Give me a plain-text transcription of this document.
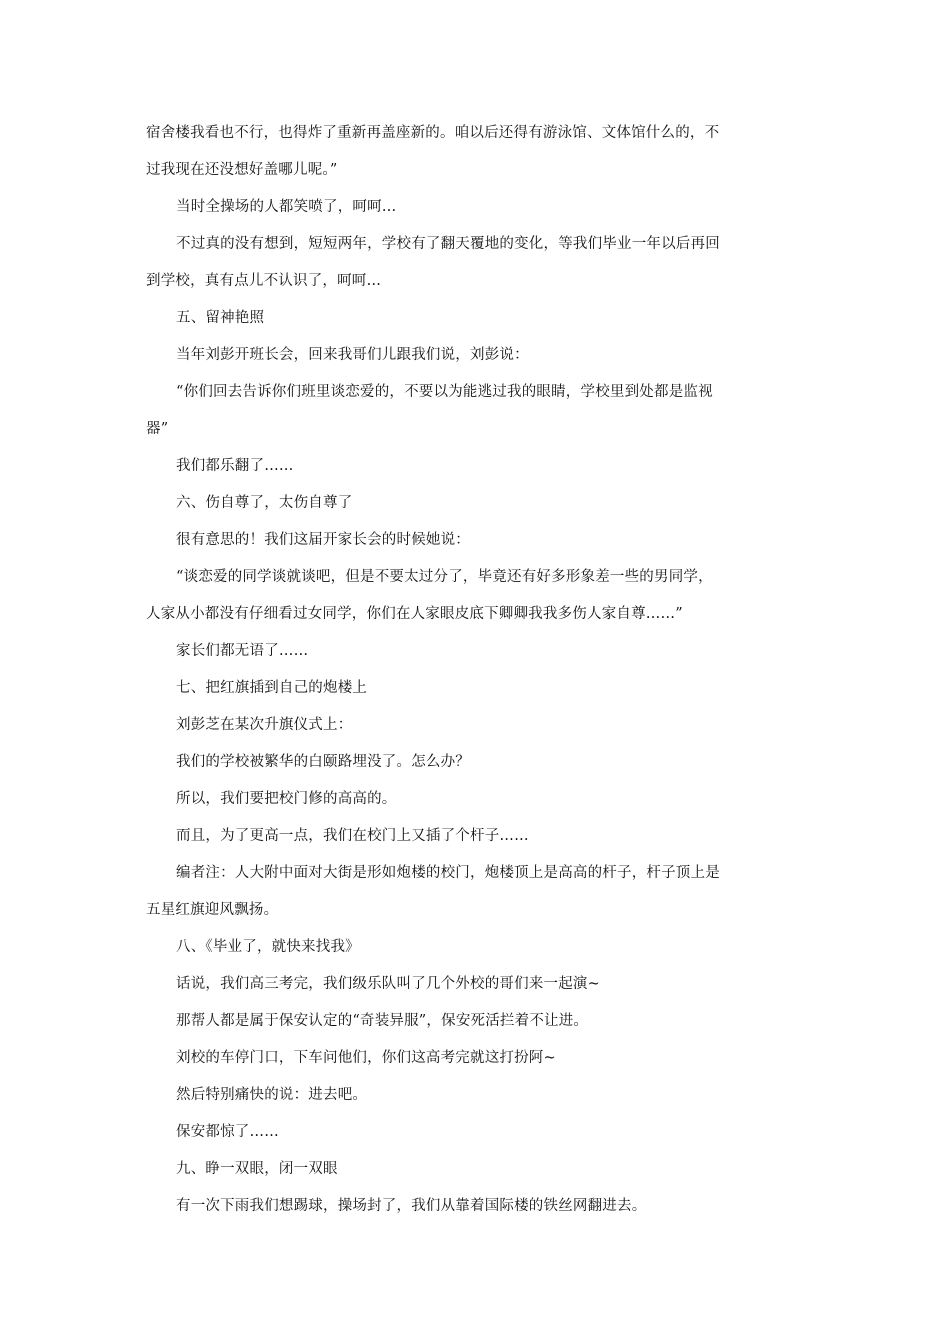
宿舍楼我看也不行，也得炸了重新再盖座新的。咱以后还得有游泳馆、文体馆什么的，不

过我现在还没想好盖哪儿呢。”

当时全操场的人都笑喷了，呵呵…

不过真的没有想到，短短两年，学校有了翻天覆地的变化，等我们毕业一年以后再回

到学校，真有点儿不认识了，呵呵…

五、留神艳照

当年刘彭开班长会，回来我哥们儿跟我们说，刘彭说：

“你们回去告诉你们班里谈恋爱的，不要以为能逃过我的眼睛，学校里到处都是监视

器”

我们都乐翻了……

六、伤自尊了，太伤自尊了

很有意思的！我们这届开家长会的时候她说：

“谈恋爱的同学谈就谈吧，但是不要太过分了，毕竟还有好多形象差一些的男同学，

人家从小都没有仔细看过女同学，你们在人家眼皮底下卿卿我我多伤人家自尊……”

家长们都无语了……

七、把红旗插到自己的炮楼上

刘彭芝在某次升旗仪式上：

我们的学校被繁华的白颐路埋没了。怎么办？

所以，我们要把校门修的高高的。

而且，为了更高一点，我们在校门上又插了个杆子……

编者注：人大附中面对大街是形如炮楼的校门，炮楼顶上是高高的杆子，杆子顶上是

五星红旗迎风飘扬。

八、《毕业了，就快来找我》

话说，我们高三考完，我们级乐队叫了几个外校的哥们来一起演~

那帮人都是属于保安认定的“奇装异服”，保安死活拦着不让进。

刘校的车停门口，下车问他们，你们这高考完就这打扮阿~

然后特别痛快的说：进去吧。

保安都惊了……

九、睁一双眼，闭一双眼

有一次下雨我们想踢球，操场封了，我们从靠着国际楼的铁丝网翻进去。
